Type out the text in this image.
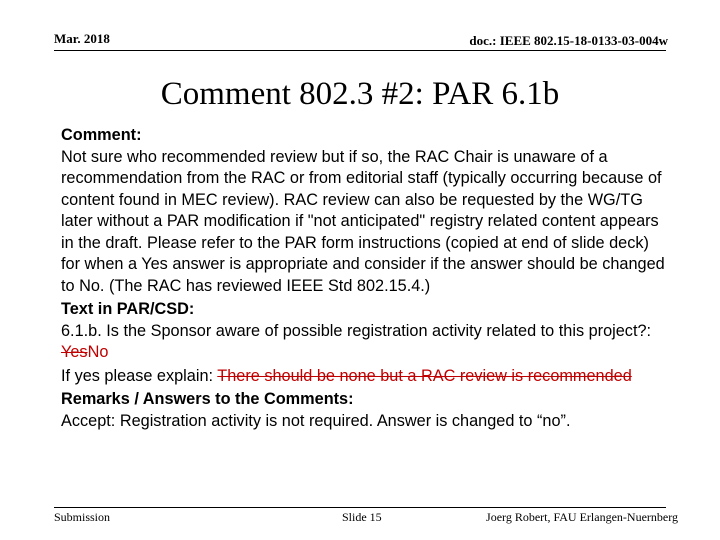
Mar. 2018	doc.: IEEE 802.15-18-0133-03-004w
Comment 802.3 #2: PAR 6.1b

Comment:
Not sure who recommended review but if so, the RAC Chair is unaware of a recommendation from the RAC or from editorial staff (typically occurring because of content found in MEC review). RAC review can also be requested by the WG/TG later without a PAR modification if "not anticipated" registry related content appears in the draft. Please refer to the PAR form instructions (copied at end of slide deck) for when a Yes answer is appropriate and consider if the answer should be changed to No. (The RAC has reviewed IEEE Std 802.15.4.)

Text in PAR/CSD:
6.1.b. Is the Sponsor aware of possible registration activity related to this project?: YesNo

If yes please explain: There should be none but a RAC review is recommended

Remarks / Answers to the Comments:
Accept: Registration activity is not required. Answer is changed to “no”.

Submission	Slide 15	Joerg Robert, FAU Erlangen-Nuernberg
